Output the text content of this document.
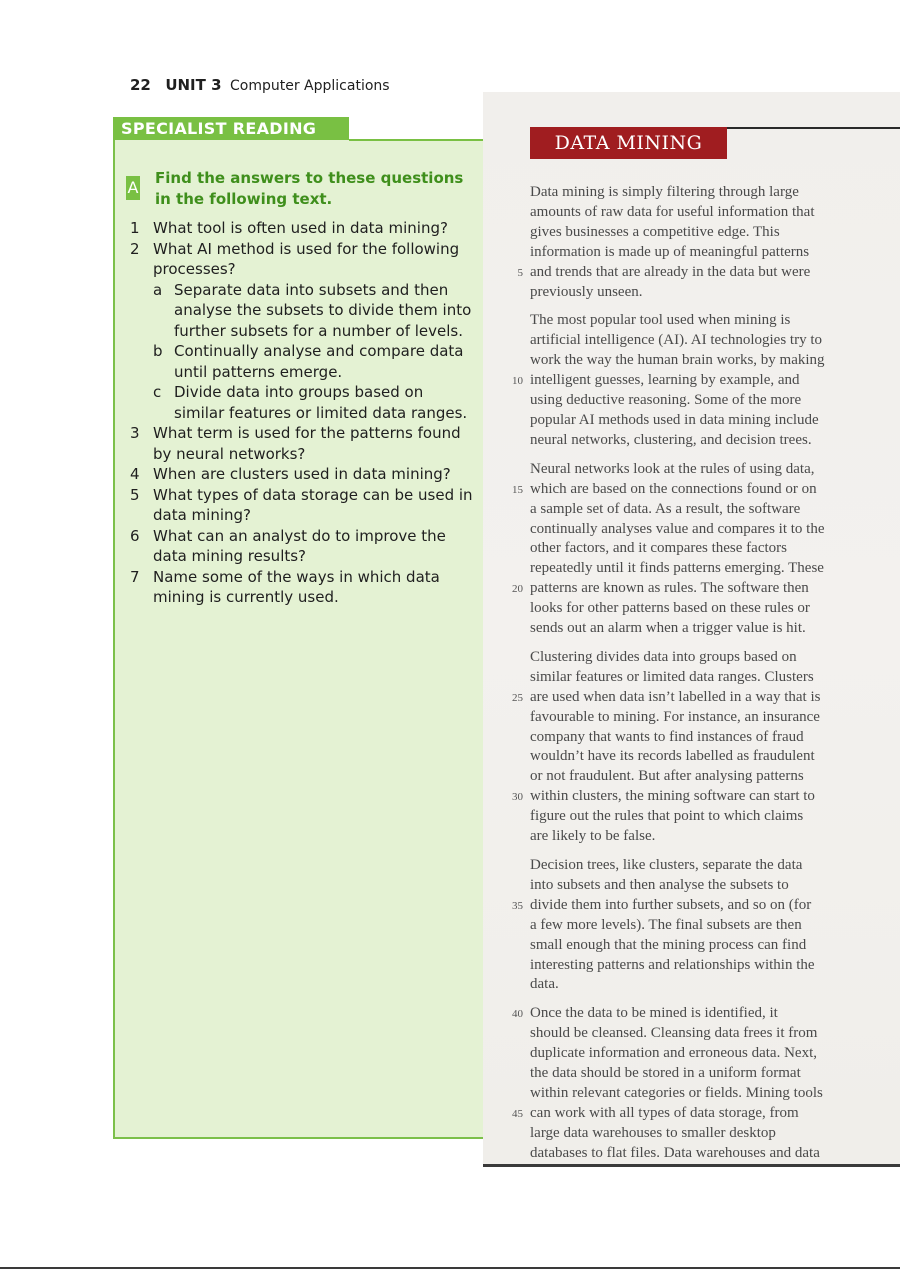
22 UNIT 3 Computer Applications
SPECIALIST READING
A Find the answers to these questions in the following text.
1 What tool is often used in data mining?
2 What AI method is used for the following processes?
a Separate data into subsets and then analyse the subsets to divide them into further subsets for a number of levels.
b Continually analyse and compare data until patterns emerge.
c Divide data into groups based on similar features or limited data ranges.
3 What term is used for the patterns found by neural networks?
4 When are clusters used in data mining?
5 What types of data storage can be used in data mining?
6 What can an analyst do to improve the data mining results?
7 Name some of the ways in which data mining is currently used.
DATA MINING

Data mining is simply filtering through large
amounts of raw data for useful information that
gives businesses a competitive edge. This
information is made up of meaningful patterns
5 and trends that are already in the data but were
previously unseen.

The most popular tool used when mining is
artificial intelligence (AI). AI technologies try to
work the way the human brain works, by making
10 intelligent guesses, learning by example, and
using deductive reasoning. Some of the more
popular AI methods used in data mining include
neural networks, clustering, and decision trees.

Neural networks look at the rules of using data,
15 which are based on the connections found or on
a sample set of data. As a result, the software
continually analyses value and compares it to the
other factors, and it compares these factors
repeatedly until it finds patterns emerging. These
20 patterns are known as rules. The software then
looks for other patterns based on these rules or
sends out an alarm when a trigger value is hit.

Clustering divides data into groups based on
similar features or limited data ranges. Clusters
25 are used when data isn’t labelled in a way that is
favourable to mining. For instance, an insurance
company that wants to find instances of fraud
wouldn’t have its records labelled as fraudulent
or not fraudulent. But after analysing patterns
30 within clusters, the mining software can start to
figure out the rules that point to which claims
are likely to be false.

Decision trees, like clusters, separate the data
into subsets and then analyse the subsets to
35 divide them into further subsets, and so on (for
a few more levels). The final subsets are then
small enough that the mining process can find
interesting patterns and relationships within the
data.

40 Once the data to be mined is identified, it
should be cleansed. Cleansing data frees it from
duplicate information and erroneous data. Next,
the data should be stored in a uniform format
within relevant categories or fields. Mining tools
45 can work with all types of data storage, from
large data warehouses to smaller desktop
databases to flat files. Data warehouses and data
